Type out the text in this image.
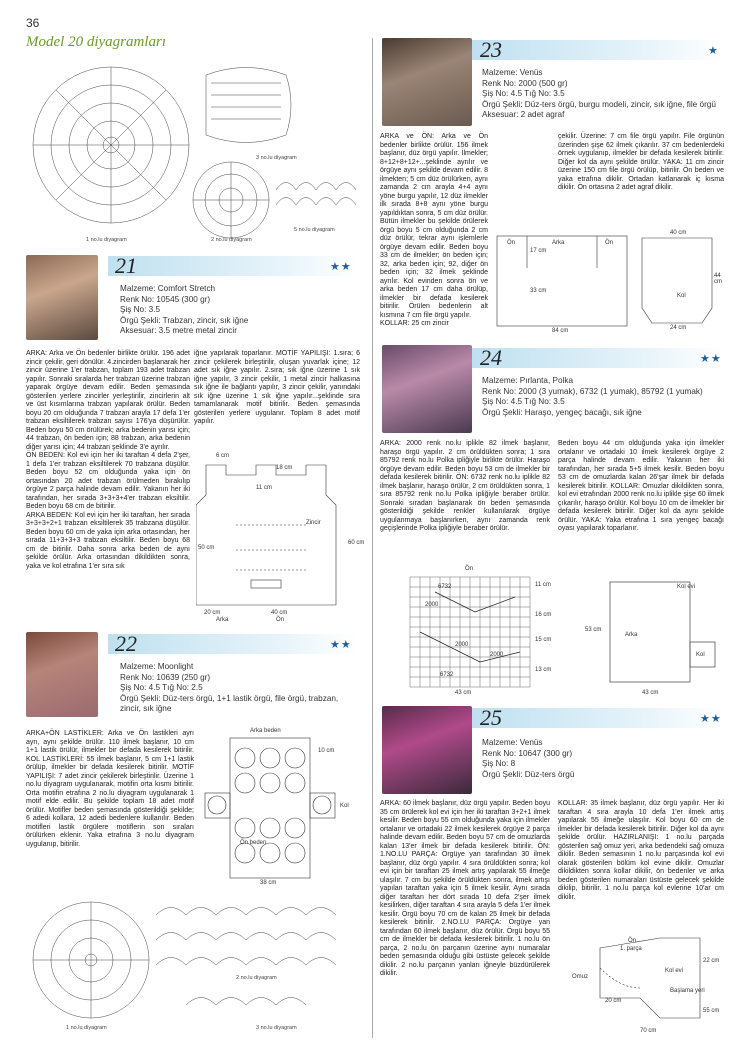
36
Model 20 diyagramları
1 no.lu diyagram	2 no.lu diyagram
3 no.lu diyagram
5 no.lu diyagram
21	★★
Malzeme: Comfort Stretch
Renk No: 10545 (300 gr)
Şiş No: 3.5
Örgü Şekli: Trabzan, zincir, sık iğne
Aksesuar: 3.5 metre metal zincir
ARKA: Arka ve Ön bedenler birlikte örülür. 196 adet zincir çekilir, geri dönülür. 4.zincirden başlanarak her zincir üzerine 1'er trabzan, toplam 193 adet trabzan yapılır. Sonraki sıralarda her trabzan üzerine trabzan yaparak örgüye devam edilir. Beden şemasında gösterilen yerlere zincirler yerleştirilir, zincirlerin alt ve üst kısımlarına trabzan yapılarak örülür. Beden boyu 20 cm olduğunda 7 trabzan arayla 17 defa 1'er trabzan eksiltilerek trabzan sayısı 176'ya düşürülür. Beden boyu 50 cm örülürek; arka bedenin yarısı için; 44 trabzan, ön beden için; 88 trabzan, arka bedenin diğer yarısı için; 44 trabzan şeklinde 3'e ayrılır.
ÖN BEDEN: Kol evi için her iki taraftan 4 defa 2'şer, 1 defa 1'er trabzan eksiltilerek 70 trabzana düşülür. Beden boyu 52 cm olduğunda yaka için ön ortasından 20 adet trabzan örülmeden bırakılıp örgüye 2 parça halinde devam edilir. Yakanın her iki tarafından, her sırada 3+3+3+4'er trabzan eksiltilir. Beden boyu 68 cm de bitirilir.
ARKA BEDEN: Kol evi için her iki taraftan, her sırada 3+3+3+2+1 trabzan eksiltilerek 35 trabzana düşülür. Beden boyu 60 cm de yaka için arka ortasından, her sırada 11+3+3+3 trabzan eksiltilir. Beden boyu 68 cm de bitirilir. Daha sonra arka beden de aynı şekilde örülür. Arka ortasından dikildikten sonra, yaka ve kol etrafına 1'er sıra sık
iğne yapılarak toparlanır. MOTİF YAPILIŞI: 1.sıra; 6 zincir çekilerek birleştirilir, oluşan yuvarlak içine; 12 adet sık iğne yapılır. 2.sıra; sık iğne üzerine 1 sık iğne yapılır, 3 zincir çekilir, 1 metal zincir halkasına sık iğne ile bağlantı yapılır, 3 zincir çekilir, yanındaki sık iğne üzerine 1 sık iğne yapılır...şeklinde sıra tamamlanarak motif bitirilir. Beden şemasında gösterilen yerlere uygulanır. Toplam 8 adet motif yapılır.
6 cm
18 cm
11 cm
50 cm
60 cm
Zincir
20 cm	40 cm
Ön
Arka
22	★★
Malzeme: Moonlight
Renk No: 10639 (250 gr)
Şiş No: 4.5 Tığ No: 2.5
Örgü Şekli: Düz-ters örgü, 1+1 lastik örgü, file örgü, trabzan,
zincir, sık iğne
ARKA+ÖN LASTİKLER: Arka ve Ön lastikleri ayrı ayrı, aynı şekilde örülür. 110 ilmek başlanır, 10 cm 1+1 lastik örülür, ilmekler bir defada kesilerek bitirilir. KOL LASTİKLERİ: 55 ilmek başlanır, 5 cm 1+1 lastik örülüp, ilmekler bir defada kesilerek bitirilir. MOTİF YAPILIŞI: 7 adet zincir çekilerek birleştirilir. Üzerine 1 no.lu diyagram uygulanarak, motifin orta kısmı bitirilir. Orta motifin etrafına 2 no.lu diyagram uygulanarak 1 motif elde edilir. Bu şekilde toplam 18 adet motif örülür. Motifler beden şemasında gösterildiği şekilde; 6 adedi kollara, 12 adedi bedenlere kullanılır. Beden motifleri lastik örgülere motiflerin son sıraları örülürken eklenir. Yaka etrafına 3 no.lu diyagram uygulanıp, bitirilir.
Arka beden
Ön beden
Kol
10 cm
38 cm
1 no.lu diyagram
2 no.lu diyagram
3 no.lu diyagram
23	★
Malzeme: Venüs
Renk No: 2000 (500 gr)
Şiş No: 4.5 Tığ No: 3.5
Örgü Şekli: Düz-ters örgü, burgu modeli, zincir, sık iğne, file örgü
Aksesuar: 2 adet agraf
ARKA ve ÖN: Arka ve Ön bedenler birlikte örülür. 156 ilmek başlanır, düz örgü yapılır. İlmekler; 8+12+8+12+...şeklinde ayrılır ve örgüye aynı şekilde devam edilir. 8 ilmekten; 5 cm düz örülürken, aynı zamanda 2 cm arayla 4+4 aynı yöne burgu yapılır, 12 düz ilmekler ilk sırada 8+8 aynı yöne burgu yapıldıktan sonra, 5 cm düz örülür. Bütün ilmekler bu şekilde örülerek örgü boyu 5 cm olduğunda 2 cm düz örülür, tekrar aynı işlemlerle örgüye devam edilir. Beden boyu 33 cm de ilmekler; ön beden için; 32, arka beden için; 92, diğer ön beden için; 32 ilmek şeklinde ayrılır. Kol evinden sonra ön ve arka beden 17 cm daha örülüp, ilmekler bir defada kesilerek bitirilir. Örülen bedenlerin alt kısmına 7 cm file örgü yapılır.
KOLLAR: 25 cm zincir
çekilir. Üzerine: 7 cm file örgü yapılır. File örgünün üzerinden şişe 62 ilmek çıkarılır. 37 cm bedenlerdeki örnek uygulanıp, ilmekler bir defada kesilerek bitirilir. Diğer kol da aynı şekilde örülür. YAKA: 11 cm zincir üzerine 150 cm file örgü örülüp, bitirilir. Ön beden ve yaka etrafına dikilir. Ortadan katlanarak iç kısma dikilir. Ön ortasına 2 adet agraf dikilir.
Ön	Arka	Ön
17 cm
33 cm
84 cm
40 cm
44 cm
24 cm
Kol
24	★★
Malzeme: Pırlanta, Polka
Renk No: 2000 (3 yumak), 6732 (1 yumak), 85792 (1 yumak)
Şiş No: 4.5 Tığ No: 3.5
Örgü Şekli: Haraşo, yengeç bacağı, sık iğne
ARKA: 2000 renk no.lu iplikle 82 ilmek başlanır, haraşo örgü yapılır. 2 cm örüldükten sonra; 1 sıra 85792 renk no.lu Polka ipliğiyle birlikte örülür. Haraşo örgüye devam edilir. Beden boyu 53 cm de ilmekler bir defada kesilerek bitirilir. ÖN: 6732 renk no.lu iplikle 82 ilmek başlanır, haraşo örülür, 2 cm örüldükten sonra, 1 sıra 85792 renk no.lu Polka ipliğiyle beraber örülür. Sonraki sıradan başlanarak ön beden şemasında gösterildiği şekilde renkler kullanılarak örgüye uygulanmaya başlanırken, aynı zamanda renk geçişlerinde Polka ipliğiyle beraber örülür.
Beden boyu 44 cm olduğunda yaka için ilmekler ortalanır ve ortadaki 10 ilmek kesilerek örgüye 2 parça halinde devam edilir. Yakanın her iki tarafından, her sırada 5+5 ilmek kesilir. Beden boyu 53 cm de omuzlarda kalan 26'şar ilmek bir defada kesilerek bitirilir. KOLLAR: Omuzlar dikildikten sonra, kol evi etrafından 2000 renk no.lu iplikle şişe 60 ilmek çıkarılır, haraşo örülür. Kol boyu 10 cm de ilmekler bir defada kesilerek bitirilir. Diğer kol da aynı şekilde örülür. YAKA: Yaka etrafına 1 sıra yengeç bacağı oyası yapılarak toparlanır.
6732
2000
2000
2000
6732
Ön
11 cm
16 cm
15 cm
13 cm
43 cm
Arka
Kol evi
Kol
53 cm
43 cm
25	★★
Malzeme: Venüs
Renk No: 10647 (300 gr)
Şiş No: 8
Örgü Şekli: Düz-ters örgü
ARKA: 60 ilmek başlanır, düz örgü yapılır. Beden boyu 35 cm örülerek kol evi için her iki taraftan 3+2+1 ilmek kesilir. Beden boyu 55 cm olduğunda yaka için ilmekler ortalanır ve ortadaki 22 ilmek kesilerek örgüye 2 parça halinde devam edilir. Beden boyu 57 cm de omuzlarda kalan 13'er ilmek bir defada kesilerek bitirilir. ÖN: 1.NO.LU PARÇA: Örgüye yan tarafından 30 ilmek başlanır, düz örgü yapılır. 4 sıra örüldükten sonra; kol evi için bir taraftan 25 ilmek artış yapılarak 55 ilmeğe ulaşılır. 7 cm bu şekilde örüldükten sonra, ilmek artışı yapılan taraftan yaka için 5 ilmek kesilir. Aynı sırada diğer taraftan her dört sırada 10 defa 2'şer ilmek kesilirken, diğer taraftan 4 sıra arayla 5 defa 1'er ilmek kesilir. Örgü boyu 70 cm de kalan 25 ilmek bir defada kesilerek bitirilir. 2.NO.LU PARÇA: Örgüye yan tarafından 60 ilmek başlanır, düz örülür. Örgü boyu 55 cm de ilmekler bir defada kesilerek bitirilir. 1 no.lu ön parça, 2 no.lu ön parçanın üzerine aynı numaralar beden şemasında olduğu gibi üstüste gelecek şekilde dikilir. 2 no.lu parçanın yanları iğneyle büzdürülerek dikilir.
KOLLAR: 35 ilmek başlanır, düz örgü yapılır. Her iki taraftan 4 sıra arayla 10 defa 1'er ilmek artış yapılarak 55 ilmeğe ulaşılır. Kol boyu 60 cm de ilmekler bir defada kesilerek bitirilir. Diğer kol da aynı şekilde örülür. HAZIRLANIŞI: 1 no.lu parçada gösterilen sağ omuz yeri, arka bedendeki sağ omuza dikilir. Beden semasının 1 no.lu parçasında kol evi olarak gösterilen bölüm kol evine dikilir. Omuzlar dikildikten sonra kollar dikilir, ön bedenler ve arka beden gösterilen numaraları üstüste gelecek şekilde dikilip, bitirilir. 1 no.lu parça kol evlerine 10'ar cm dikilir.
Ön
1. parça
Omuz
Kol evi
Başlama yeri
22 cm
20 cm
55 cm
70 cm
